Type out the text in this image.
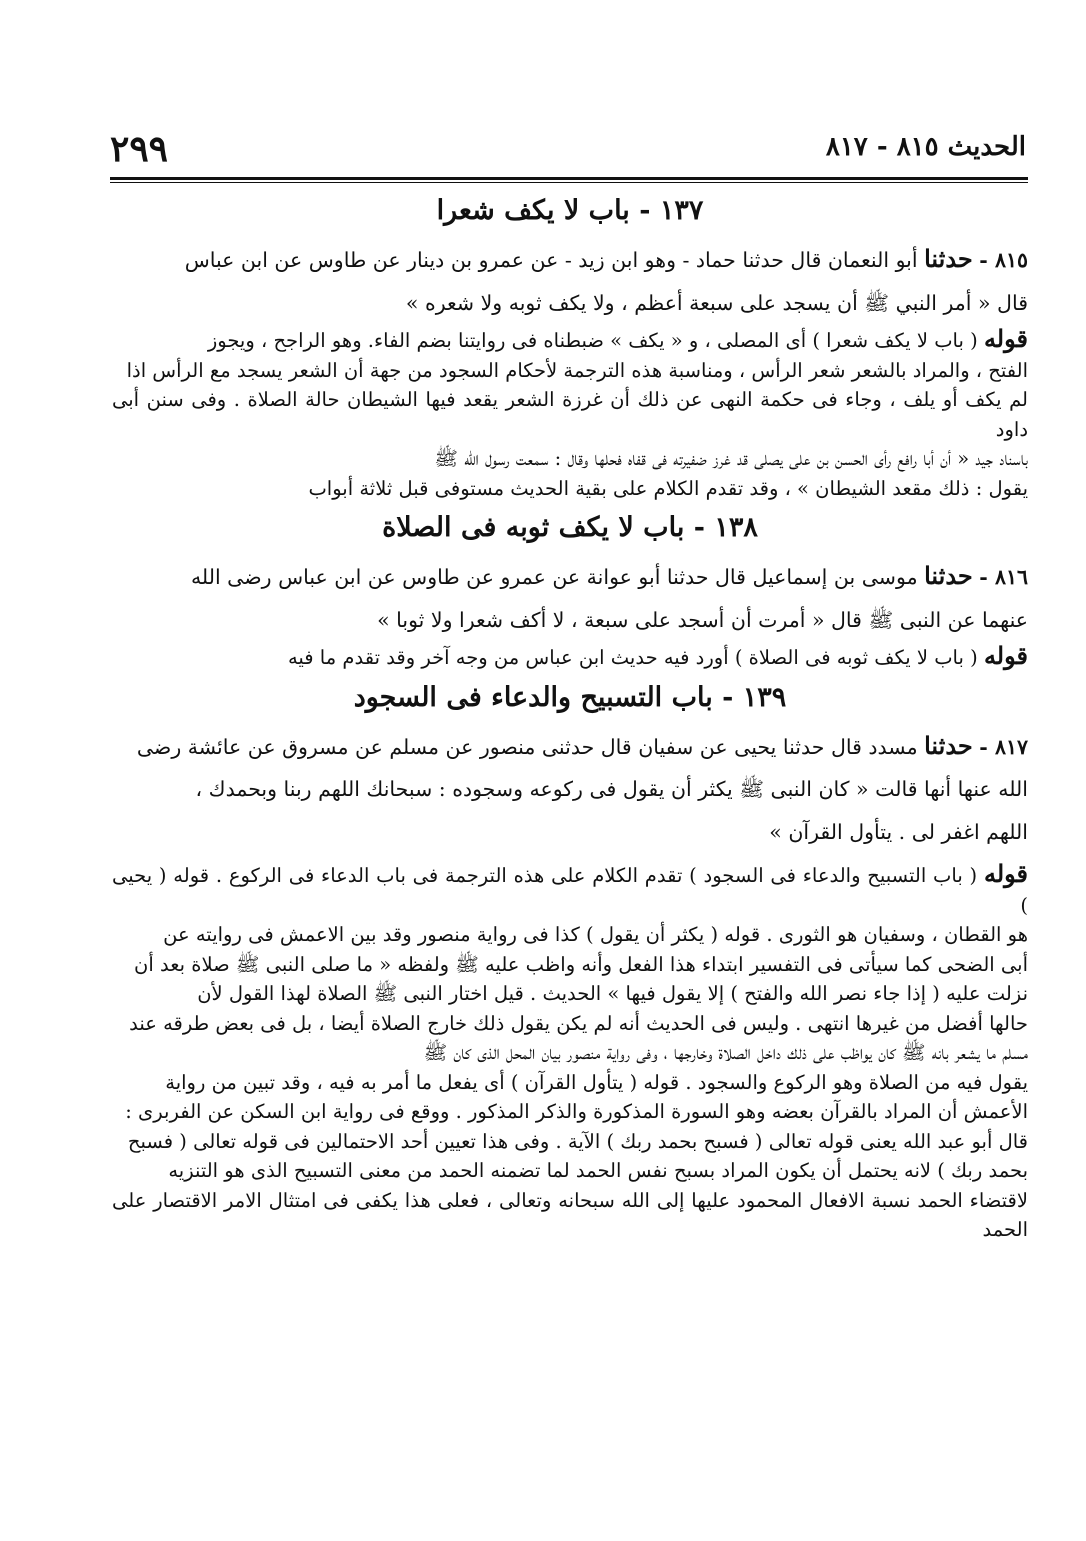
٢٩٩	الحديث ٨١٥ - ٨١٧
١٣٧ - باب لا يكف شعرا

٨١٥ - حدثنا أبو النعمان قال حدثنا حماد - وهو ابن زيد - عن عمرو بن دينار عن طاوس عن ابن عباس
قال « أمر النبي ﷺ أن يسجد على سبعة أعظم ، ولا يكف ثوبه ولا شعره »

قوله ( باب لا يكف شعرا ) أى المصلى ، و « يكف » ضبطناه فى روايتنا بضم الفاء. وهو الراجح ، ويجوز
الفتح ، والمراد بالشعر شعر الرأس ، ومناسبة هذه الترجمة لأحكام السجود من جهة أن الشعر يسجد مع الرأس اذا
لم يكف أو يلف ، وجاء فى حكمة النهى عن ذلك أن غرزة الشعر يقعد فيها الشيطان حالة الصلاة . وفى سنن أبى داود
باسناد جيد « أن أبا رافع رأى الحسن بن على يصلى قد غرز ضفيرته فى قفاه فحلها وقال : سمعت رسول الله ﷺ
يقول : ذلك مقعد الشيطان » ، وقد تقدم الكلام على بقية الحديث مستوفى قبل ثلاثة أبواب

١٣٨ - باب لا يكف ثوبه فى الصلاة

٨١٦ - حدثنا موسى بن إسماعيل قال حدثنا أبو عوانة عن عمرو عن طاوس عن ابن عباس رضى الله
عنهما عن النبى ﷺ قال « أمرت أن أسجد على سبعة ، لا أكف شعرا ولا ثوبا »

قوله ( باب لا يكف ثوبه فى الصلاة ) أورد فيه حديث ابن عباس من وجه آخر وقد تقدم ما فيه

١٣٩ - باب التسبيح والدعاء فى السجود

٨١٧ - حدثنا مسدد قال حدثنا يحيى عن سفيان قال حدثنى منصور عن مسلم عن مسروق عن عائشة رضى
الله عنها أنها قالت « كان النبى ﷺ يكثر أن يقول فى ركوعه وسجوده : سبحانك اللهم ربنا وبحمدك ،
اللهم اغفر لى . يتأول القرآن »

قوله ( باب التسبيح والدعاء فى السجود ) تقدم الكلام على هذه الترجمة فى باب الدعاء فى الركوع . قوله ( يحيى )
هو القطان ، وسفيان هو الثورى . قوله ( يكثر أن يقول ) كذا فى رواية منصور وقد بين الاعمش فى روايته عن
أبى الضحى كما سيأتى فى التفسير ابتداء هذا الفعل وأنه واظب عليه ﷺ ولفظه « ما صلى النبى ﷺ صلاة بعد أن
نزلت عليه ( إذا جاء نصر الله والفتح ) إلا يقول فيها » الحديث . قيل اختار النبى ﷺ الصلاة لهذا القول لأن
حالها أفضل من غيرها انتهى . وليس فى الحديث أنه لم يكن يقول ذلك خارج الصلاة أيضا ، بل فى بعض طرقه عند
مسلم ما يشعر بانه ﷺ كان يواظب على ذلك داخل الصلاة وخارجها ، وفى رواية منصور بيان المحل الذى كان ﷺ
يقول فيه من الصلاة وهو الركوع والسجود . قوله ( يتأول القرآن ) أى يفعل ما أمر به فيه ، وقد تبين من رواية
الأعمش أن المراد بالقرآن بعضه وهو السورة المذكورة والذكر المذكور . ووقع فى رواية ابن السكن عن الفربرى :
قال أبو عبد الله يعنى قوله تعالى ( فسبح بحمد ربك ) الآية . وفى هذا تعيين أحد الاحتمالين فى قوله تعالى ( فسبح
بحمد ربك ) لانه يحتمل أن يكون المراد بسبح نفس الحمد لما تضمنه الحمد من معنى التسبيح الذى هو التنزيه
لاقتضاء الحمد نسبة الافعال المحمود عليها إلى الله سبحانه وتعالى ، فعلى هذا يكفى فى امتثال الامر الاقتصار على الحمد
